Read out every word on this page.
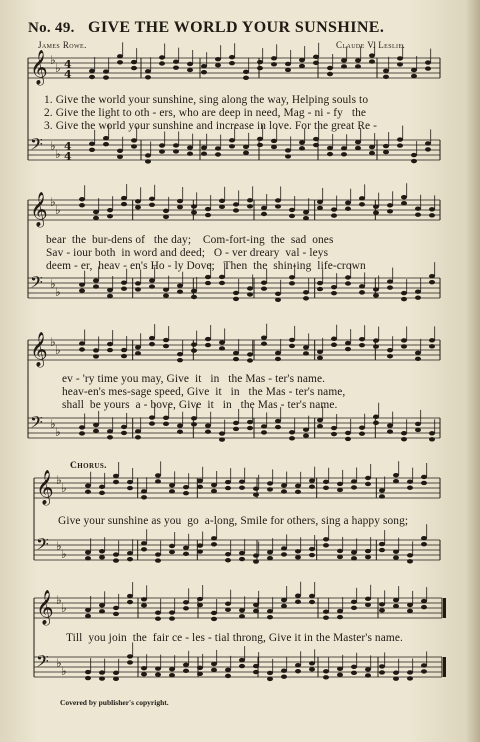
No. 49. GIVE THE WORLD YOUR SUNSHINE.
James Rowe.	Claude V. Leslie.
𝄞
𝄢
♭
♭
♭
♭
4
4
4
4
𝄞
𝄢
♭
♭
♭
♭
𝄞
𝄢
♭
♭
♭
♭
𝄞
𝄢
♭
♭
♭
♭
𝄞
𝄢
♭
♭
♭
♭
1. Give the world your sunshine, sing along the way, Helping souls to
2. Give the light to oth - ers, who are deep in need, Mag - ni - fy   the
3. Give the world your sunshine and increase in love. For the great Re -
bear  the  bur-dens of   the day;    Com-fort-ing  the  sad  ones
Sav - iour both  in word and deed;   O - ver dreary  val - leys
deem - er,  heav - en's Ho - ly Dove;   Then  the  shin-ing  life-crown
ev - 'ry time you may, Give  it   in   the Mas - ter's name.
heav-en's mes-sage speed, Give  it   in   the Mas - ter's name,
shall  be yours  a - bove, Give  it   in   the Mas - ter's name.
Chorus.
Give your sunshine as you  go  a-long, Smile for others, sing a happy song;
Till  you join  the  fair ce - les - tial throng, Give it in the Master's name.
Covered by publisher's copyright.
